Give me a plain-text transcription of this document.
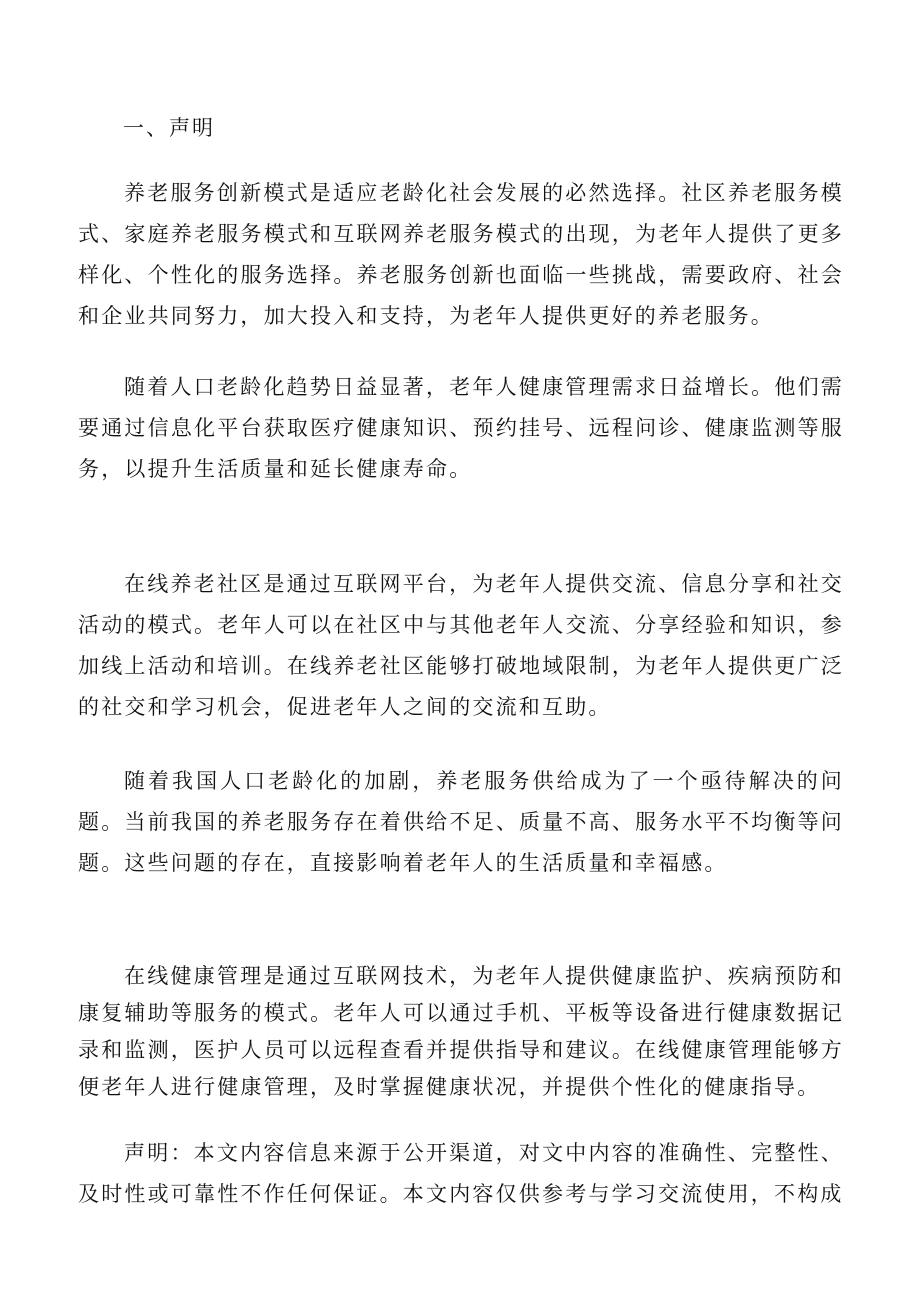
一、声明

养老服务创新模式是适应老龄化社会发展的必然选择。社区养老服务模式、家庭养老服务模式和互联网养老服务模式的出现，为老年人提供了更多样化、个性化的服务选择。养老服务创新也面临一些挑战，需要政府、社会和企业共同努力，加大投入和支持，为老年人提供更好的养老服务。

随着人口老龄化趋势日益显著，老年人健康管理需求日益增长。他们需要通过信息化平台获取医疗健康知识、预约挂号、远程问诊、健康监测等服务，以提升生活质量和延长健康寿命。

在线养老社区是通过互联网平台，为老年人提供交流、信息分享和社交活动的模式。老年人可以在社区中与其他老年人交流、分享经验和知识，参加线上活动和培训。在线养老社区能够打破地域限制，为老年人提供更广泛的社交和学习机会，促进老年人之间的交流和互助。

随着我国人口老龄化的加剧，养老服务供给成为了一个亟待解决的问题。当前我国的养老服务存在着供给不足、质量不高、服务水平不均衡等问题。这些问题的存在，直接影响着老年人的生活质量和幸福感。

在线健康管理是通过互联网技术，为老年人提供健康监护、疾病预防和康复辅助等服务的模式。老年人可以通过手机、平板等设备进行健康数据记录和监测，医护人员可以远程查看并提供指导和建议。在线健康管理能够方便老年人进行健康管理，及时掌握健康状况，并提供个性化的健康指导。

声明：本文内容信息来源于公开渠道，对文中内容的准确性、完整性、及时性或可靠性不作任何保证。本文内容仅供参考与学习交流使用，不构成
